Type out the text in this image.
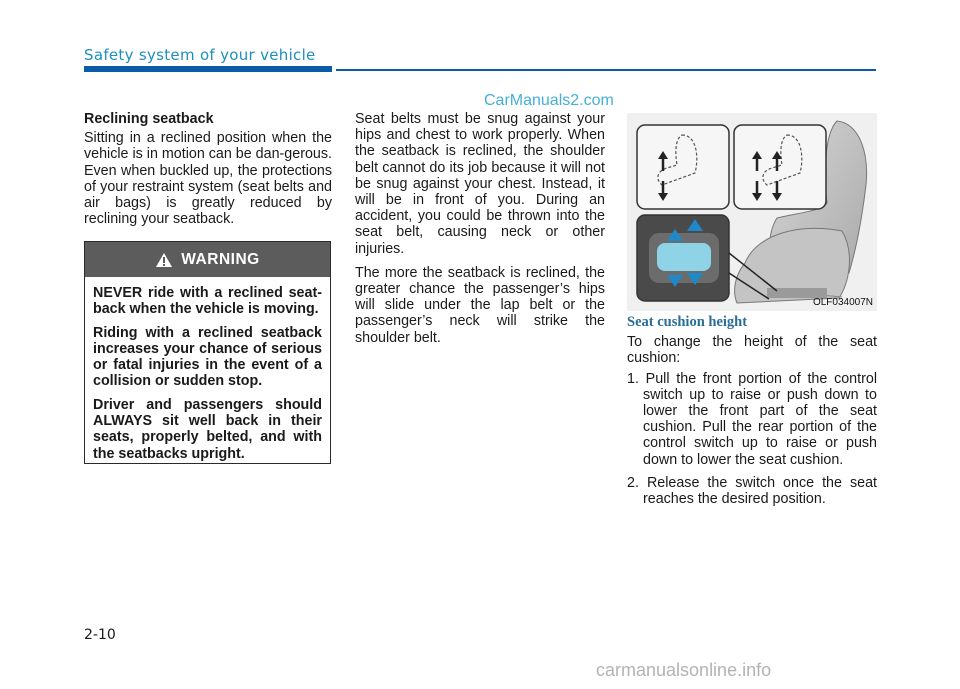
Safety system of your vehicle
CarManuals2.com
Reclining seatback

Sitting in a reclined position when the vehicle is in motion can be dan-gerous. Even when buckled up, the protections of your restraint system (seat belts and air bags) is greatly reduced by reclining your seatback.

WARNING

NEVER ride with a reclined seat-back when the vehicle is moving.

Riding with a reclined seatback increases your chance of serious or fatal injuries in the event of a collision or sudden stop.

Driver and passengers should ALWAYS sit well back in their seats, properly belted, and with the seatbacks upright.

Seat belts must be snug against your hips and chest to work properly. When the seatback is reclined, the shoulder belt cannot do its job because it will not be snug against your chest. Instead, it will be in front of you. During an accident, you could be thrown into the seat belt, causing neck or other injuries.

The more the seatback is reclined, the greater chance the passenger’s hips will slide under the lap belt or the passenger’s neck will strike the shoulder belt.

OLF034007N
Seat cushion height

To change the height of the seat cushion:

1. Pull the front portion of the control switch up to raise or push down to lower the front part of the seat cushion. Pull the rear portion of the control switch up to raise or push down to lower the seat cushion.
2. Release the switch once the seat reaches the desired position.
2-10
carmanualsonline.info
